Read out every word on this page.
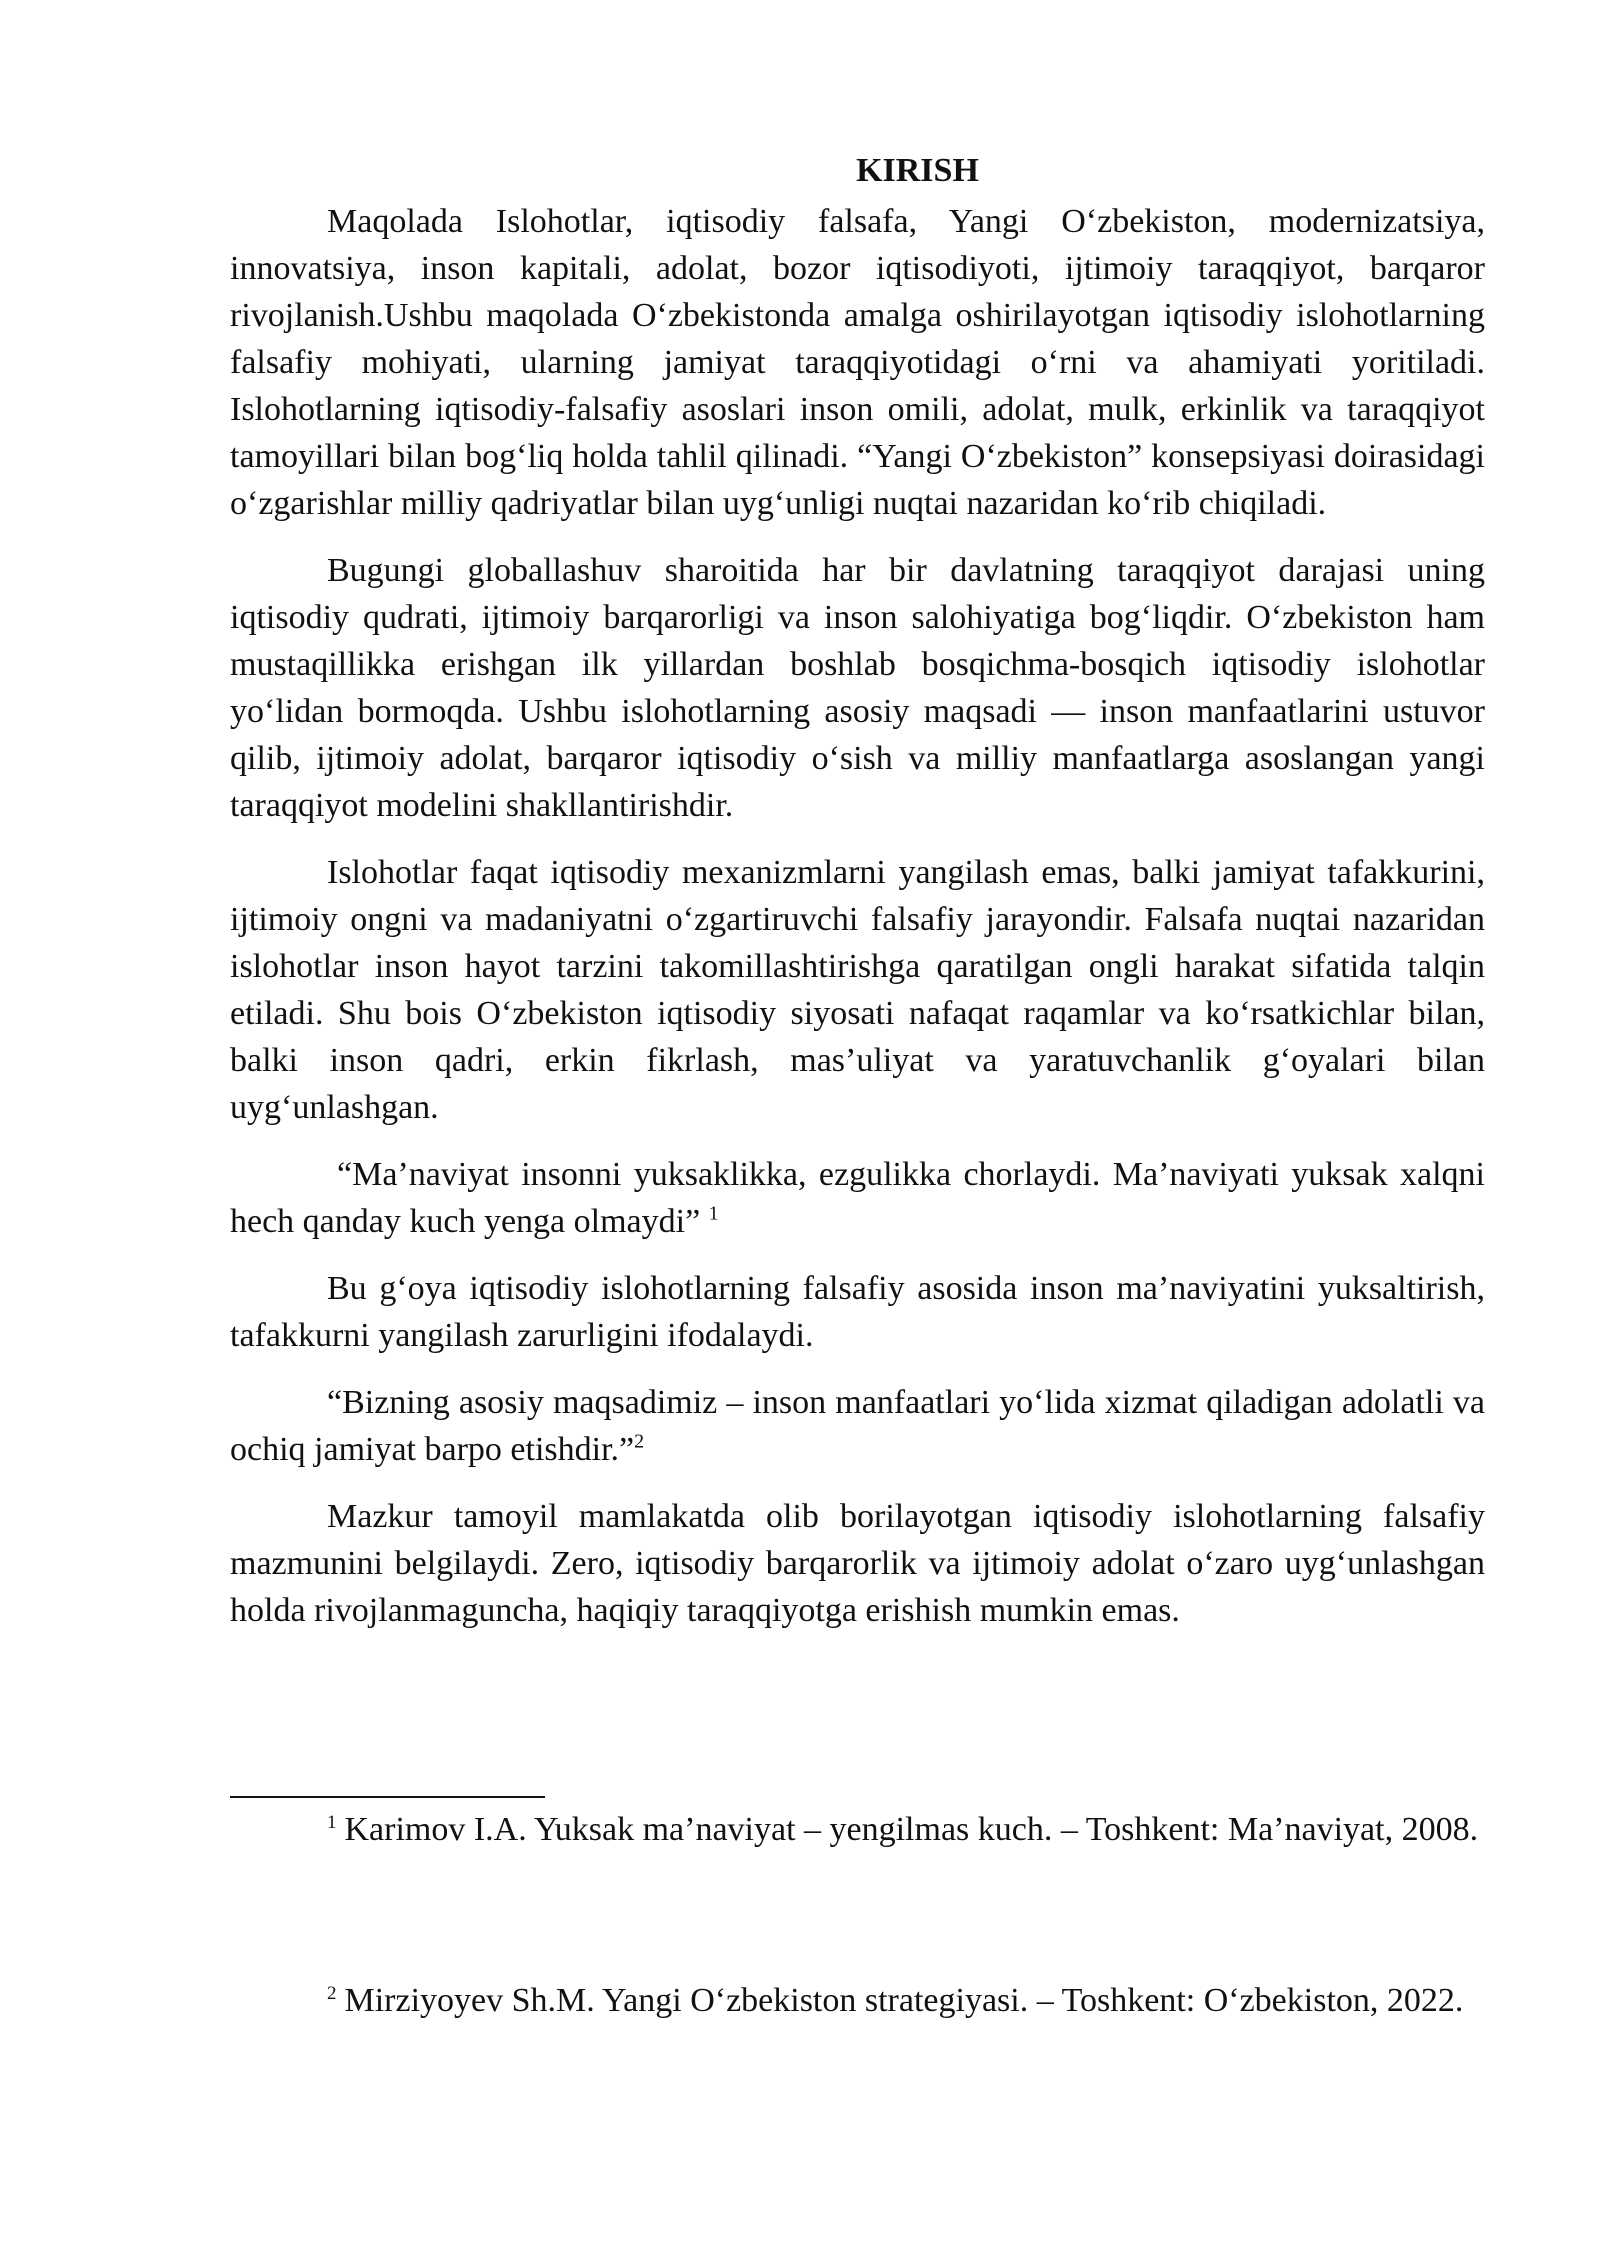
KIRISH

Maqolada Islohotlar, iqtisodiy falsafa, Yangi O‘zbekiston, modernizatsiya, innovatsiya, inson kapitali, adolat, bozor iqtisodiyoti, ijtimoiy taraqqiyot, barqaror rivojlanish.Ushbu maqolada O‘zbekistonda amalga oshirilayotgan iqtisodiy islohotlarning falsafiy mohiyati, ularning jamiyat taraqqiyotidagi o‘rni va ahamiyati yoritiladi. Islohotlarning iqtisodiy-falsafiy asoslari inson omili, adolat, mulk, erkinlik va taraqqiyot tamoyillari bilan bog‘liq holda tahlil qilinadi. “Yangi O‘zbekiston” konsepsiyasi doirasidagi o‘zgarishlar milliy qadriyatlar bilan uyg‘unligi nuqtai nazaridan ko‘rib chiqiladi.

Bugungi globallashuv sharoitida har bir davlatning taraqqiyot darajasi uning iqtisodiy qudrati, ijtimoiy barqarorligi va inson salohiyatiga bog‘liqdir. O‘zbekiston ham mustaqillikka erishgan ilk yillardan boshlab bosqichma-bosqich iqtisodiy islohotlar yo‘lidan bormoqda. Ushbu islohotlarning asosiy maqsadi — inson manfaatlarini ustuvor qilib, ijtimoiy adolat, barqaror iqtisodiy o‘sish va milliy manfaatlarga asoslangan yangi taraqqiyot modelini shakllantirishdir.

Islohotlar faqat iqtisodiy mexanizmlarni yangilash emas, balki jamiyat tafakkurini, ijtimoiy ongni va madaniyatni o‘zgartiruvchi falsafiy jarayondir. Falsafa nuqtai nazaridan islohotlar inson hayot tarzini takomillashtirishga qaratilgan ongli harakat sifatida talqin etiladi. Shu bois O‘zbekiston iqtisodiy siyosati nafaqat raqamlar va ko‘rsatkichlar bilan, balki inson qadri, erkin fikrlash, mas’uliyat va yaratuvchanlik g‘oyalari bilan uyg‘unlashgan.

“Ma’naviyat insonni yuksaklikka, ezgulikka chorlaydi. Ma’naviyati yuksak xalqni hech qanday kuch yenga olmaydi” $^1$

Bu g‘oya iqtisodiy islohotlarning falsafiy asosida inson ma’naviyatini yuksaltirish, tafakkurni yangilash zarurligini ifodalaydi.

“Bizning asosiy maqsadimiz – inson manfaatlari yo‘lida xizmat qiladigan adolatli va ochiq jamiyat barpo etishdir.”$^2$

Mazkur tamoyil mamlakatda olib borilayotgan iqtisodiy islohotlarning falsafiy mazmunini belgilaydi. Zero, iqtisodiy barqarorlik va ijtimoiy adolat o‘zaro uyg‘unlashgan holda rivojlanmaguncha, haqiqiy taraqqiyotga erishish mumkin emas.

$^1$ Karimov I.A. Yuksak ma’naviyat – yengilmas kuch. – Toshkent: Ma’naviyat, 2008.

$^2$ Mirziyoyev Sh.M. Yangi O‘zbekiston strategiyasi. – Toshkent: O‘zbekiston, 2022.
